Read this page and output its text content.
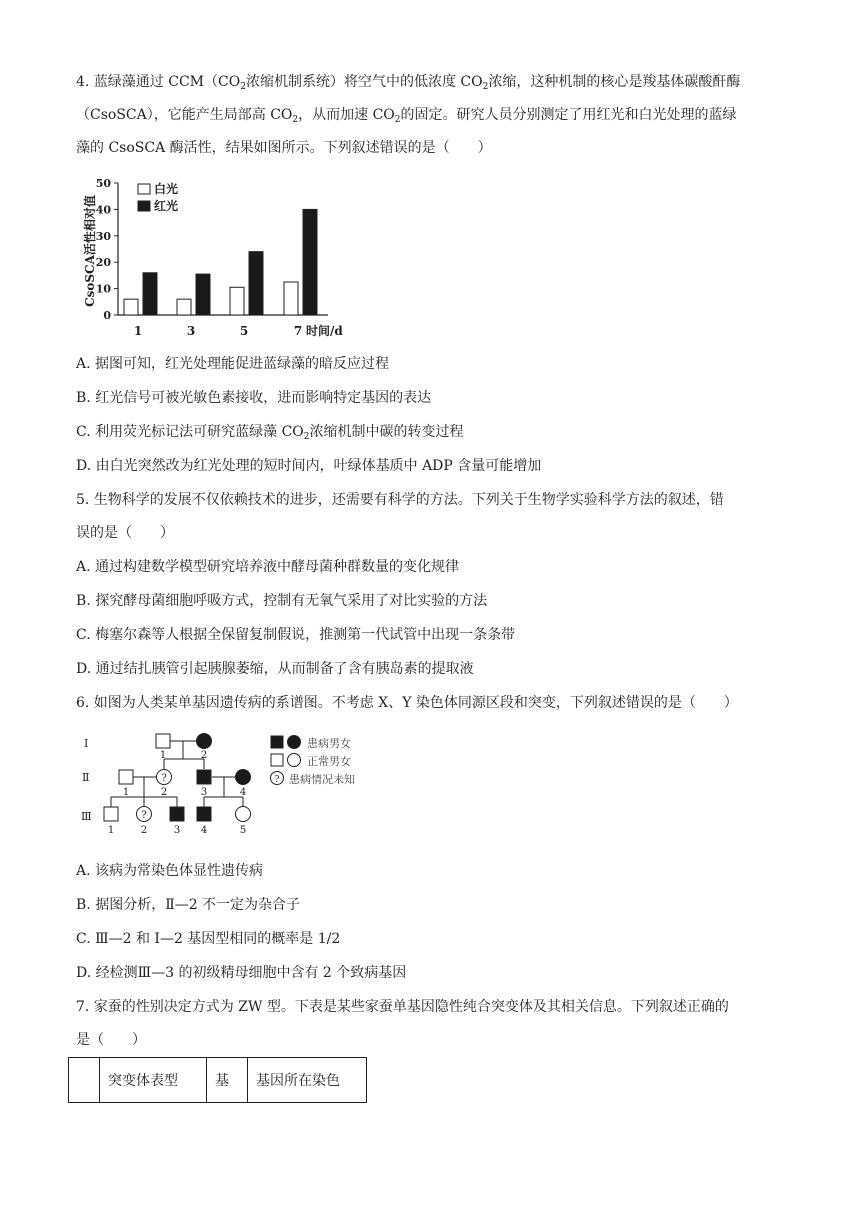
4. 蓝绿藻通过 $CCM(CO_2$浓缩机制系统）将空气中的低浓度 $CO_2$浓缩，这种机制的核心是羧基体碳酸酐酶
（CsoSCA），它能产生局部高 $CO_2$，从而加速 $CO_2$的固定。研究人员分别测定了用红光和白光处理的蓝绿
藻的 CsoSCA 酶活性，结果如图所示。下列叙述错误的是（　　）
CsoSCA活性相对值
0
10
20
30
40
50
1	3	5	7
白光
红光
时间/d
A. 据图可知，红光处理能促进蓝绿藻的暗反应过程
B. 红光信号可被光敏色素接收，进而影响特定基因的表达
C. 利用荧光标记法可研究蓝绿藻 $CO_2$浓缩机制中碳的转变过程
D. 由白光突然改为红光处理的短时间内，叶绿体基质中 ADP 含量可能增加
5. 生物科学的发展不仅依赖技术的进步，还需要有科学的方法。下列关于生物学实验科学方法的叙述，错
误的是（　　）
A. 通过构建数学模型研究培养液中酵母菌种群数量的变化规律
B. 探究酵母菌细胞呼吸方式，控制有无氧气采用了对比实验的方法
C. 梅塞尔森等人根据全保留复制假说，推测第一代试管中出现一条条带
D. 通过结扎胰管引起胰腺萎缩，从而制备了含有胰岛素的提取液
6. 如图为人类某单基因遗传病的系谱图。不考虑 X、Y 染色体同源区段和突变，下列叙述错误的是（　　）
Ⅰ
Ⅱ
Ⅲ
?
?
1	2
1	2	3	4
1	2	3 4	5
患病男女
正常男女
? 患病情况未知
A. 该病为常染色体显性遗传病
B. 据图分析，Ⅱ—2 不一定为杂合子
C. Ⅲ—2 和 Ⅰ—2 基因型相同的概率是 1/2
D. 经检测Ⅲ—3 的初级精母细胞中含有 2 个致病基因
7. 家蚕的性别决定方式为 ZW 型。下表是某些家蚕单基因隐性纯合突变体及其相关信息。下列叙述正确的
是（　　）
	突变体表型	基	基因所在染色
